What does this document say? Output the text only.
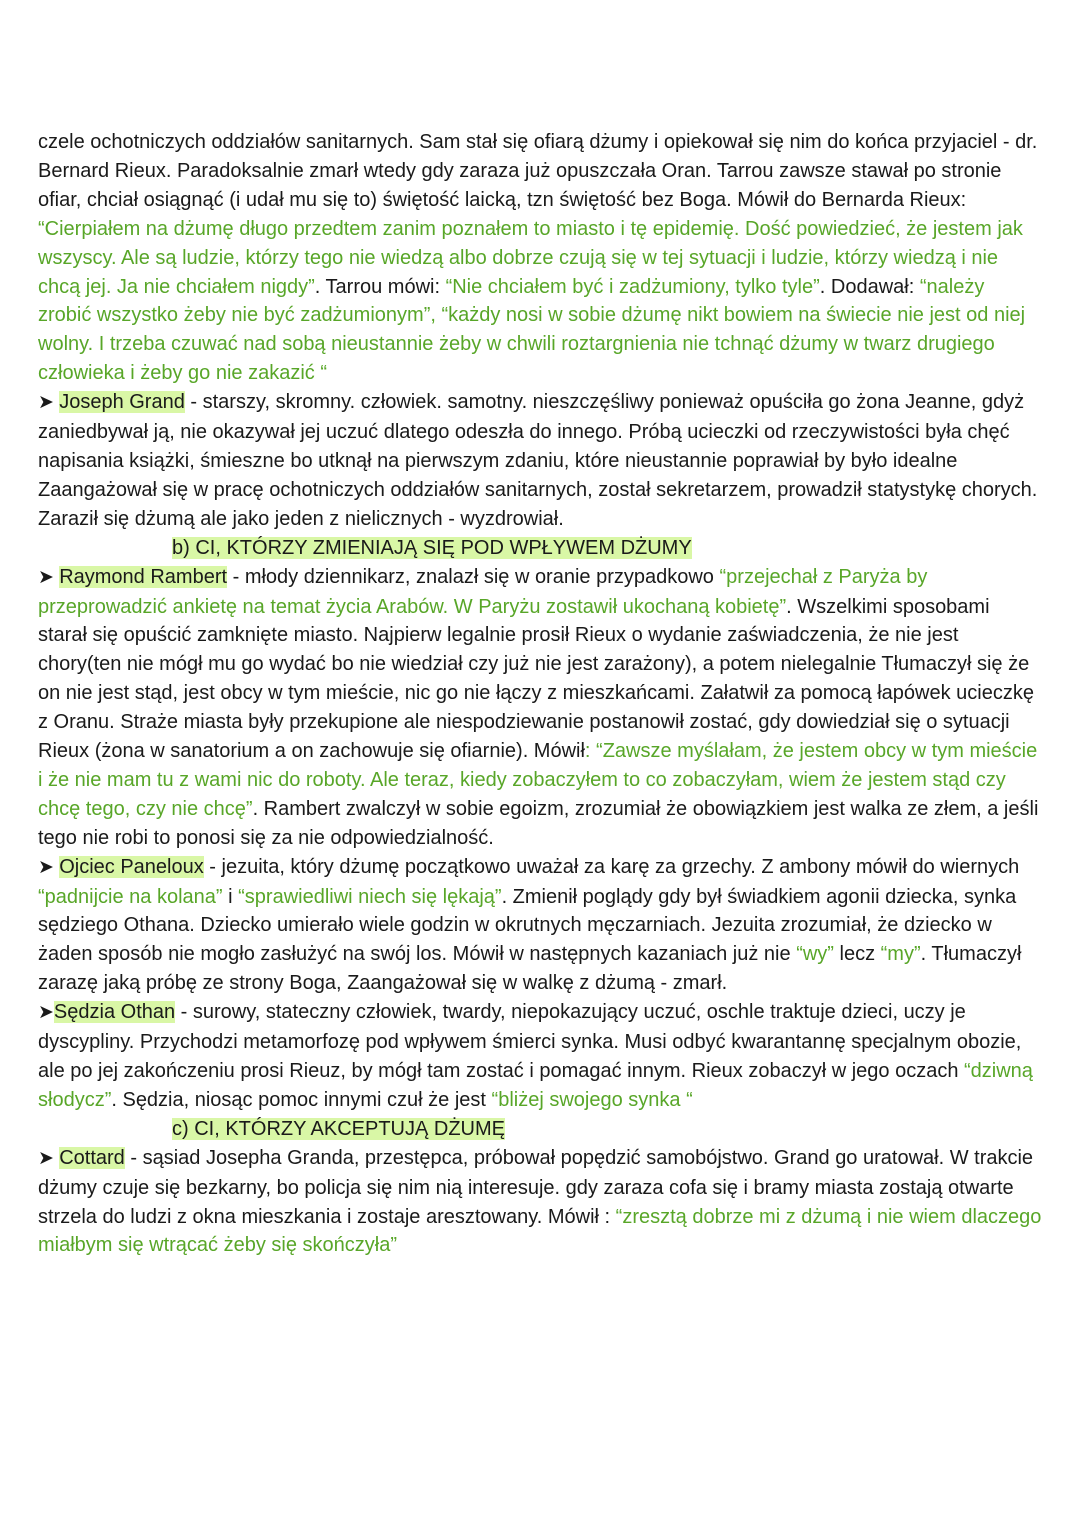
czele ochotniczych oddziałów sanitarnych. Sam stał się ofiarą dżumy i opiekował się nim do końca przyjaciel - dr. Bernard Rieux. Paradoksalnie zmarł wtedy gdy zaraza już opuszczała Oran. Tarrou zawsze stawał po stronie ofiar, chciał osiągnąć (i udał mu się to) świętość laicką, tzn świętość bez Boga. Mówił do Bernarda Rieux: “Cierpiałem na dżumę długo przedtem zanim poznałem to miasto i tę epidemię. Dość powiedzieć, że jestem jak wszyscy. Ale są ludzie, którzy tego nie wiedzą albo dobrze czują się w tej sytuacji i ludzie, którzy wiedzą i nie chcą jej. Ja nie chciałem nigdy”. Tarrou mówi: “Nie chciałem być i zadżumiony, tylko tyle”. Dodawał: “należy zrobić wszystko żeby nie być zadżumionym”, “każdy nosi w sobie dżumę nikt bowiem na świecie nie jest od niej wolny. I trzeba czuwać nad sobą nieustannie żeby w chwili roztargnienia nie tchnąć dżumy w twarz drugiego człowieka i żeby go nie zakazić “

➤ Joseph Grand - starszy, skromny. człowiek. samotny. nieszczęśliwy ponieważ opuściła go żona Jeanne, gdyż zaniedbywał ją, nie okazywał jej uczuć dlatego odeszła do innego. Próbą ucieczki od rzeczywistości była chęć napisania książki, śmieszne bo utknął na pierwszym zdaniu, które nieustannie poprawiał by było idealne Zaangażował się w pracę ochotniczych oddziałów sanitarnych, został sekretarzem, prowadził statystykę chorych. Zaraził się dżumą ale jako jeden z nielicznych - wyzdrowiał.

b) CI, KTÓRZY ZMIENIAJĄ SIĘ POD WPŁYWEM DŻUMY

➤ Raymond Rambert - młody dziennikarz, znalazł się w oranie przypadkowo “przejechał z Paryża by przeprowadzić ankietę na temat życia Arabów. W Paryżu zostawił ukochaną kobietę”. Wszelkimi sposobami starał się opuścić zamknięte miasto. Najpierw legalnie prosił Rieux o wydanie zaświadczenia, że nie jest chory(ten nie mógł mu go wydać bo nie wiedział czy już nie jest zarażony), a potem nielegalnie Tłumaczył się że on nie jest stąd, jest obcy w tym mieście, nic go nie łączy z mieszkańcami. Załatwił za pomocą łapówek ucieczkę z Oranu. Straże miasta były przekupione ale niespodziewanie postanowił zostać, gdy dowiedział się o sytuacji Rieux (żona w sanatorium a on zachowuje się ofiarnie). Mówił: “Zawsze myślałam, że jestem obcy w tym mieście i że nie mam tu z wami nic do roboty. Ale teraz, kiedy zobaczyłem to co zobaczyłam, wiem że jestem stąd czy chcę tego, czy nie chcę”. Rambert zwalczył w sobie egoizm, zrozumiał że obowiązkiem jest walka ze złem, a jeśli tego nie robi to ponosi się za nie odpowiedzialność.

➤ Ojciec Paneloux - jezuita, który dżumę początkowo uważał za karę za grzechy. Z ambony mówił do wiernych “padnijcie na kolana” i “sprawiedliwi niech się lękają”. Zmienił poglądy gdy był świadkiem agonii dziecka, synka sędziego Othana. Dziecko umierało wiele godzin w okrutnych męczarniach. Jezuita zrozumiał, że dziecko w żaden sposób nie mogło zasłużyć na swój los. Mówił w następnych kazaniach już nie “wy” lecz “my”. Tłumaczył zarazę jaką próbę ze strony Boga, Zaangażował się w walkę z dżumą - zmarł.

➤Sędzia Othan - surowy, stateczny człowiek, twardy, niepokazujący uczuć, oschle traktuje dzieci, uczy je dyscypliny. Przychodzi metamorfozę pod wpływem śmierci synka. Musi odbyć kwarantannę specjalnym obozie, ale po jej zakończeniu prosi Rieuz, by mógł tam zostać i pomagać innym. Rieux zobaczył w jego oczach “dziwną słodycz”. Sędzia, niosąc pomoc innymi czuł że jest “bliżej swojego synka “

c) CI, KTÓRZY AKCEPTUJĄ DŻUMĘ

➤ Cottard - sąsiad Josepha Granda, przestępca, próbował popędzić samobójstwo. Grand go uratował. W trakcie dżumy czuje się bezkarny, bo policja się nim nią interesuje. gdy zaraza cofa się i bramy miasta zostają otwarte strzela do ludzi z okna mieszkania i zostaje aresztowany. Mówił : “zresztą dobrze mi z dżumą i nie wiem dlaczego miałbym się wtrącać żeby się skończyła”
